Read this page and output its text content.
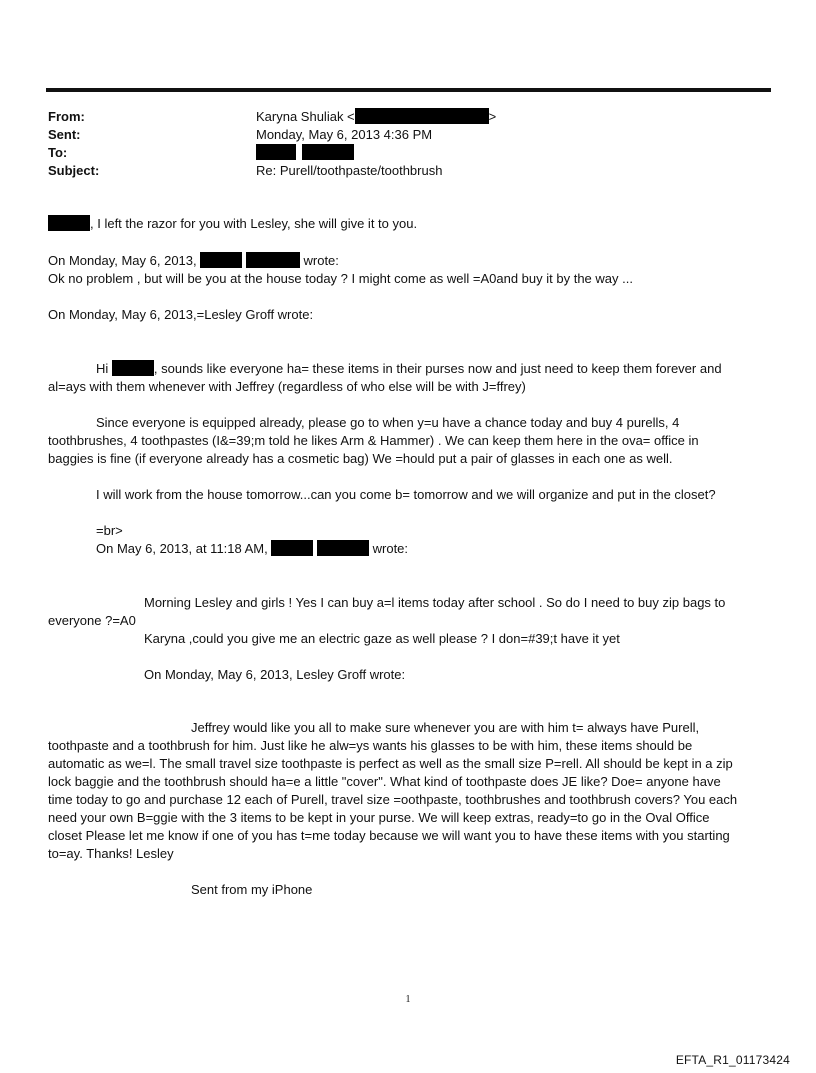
From:	Karyna Shuliak <	>
Sent:	Monday, May 6, 2013 4:36 PM
To:

Subject:	Re: Purell/toothpaste/toothbrush
, I left the razor for you with Lesley, she will give it to you.
On Monday, May 6, 2013,	wrote:
Ok no problem , but will be you at the house today ? I might come as well =A0and buy it by the way ...
On Monday, May 6, 2013,=Lesley Groff wrote:
Hi	, sounds like everyone ha= these items in their purses now and just need to keep them forever and
al=ays with them whenever with Jeffrey (regardless of who else will be with J=ffrey)
Since everyone is equipped already, please go to when y=u have a chance today and buy 4 purells, 4
toothbrushes, 4 toothpastes (I&=39;m told he likes Arm & Hammer) . We can keep them here in the ova= office in
baggies is fine (if everyone already has a cosmetic bag) We =hould put a pair of glasses in each one as well.
I will work from the house tomorrow...can you come b= tomorrow and we will organize and put in the closet?
=br>
On May 6, 2013, at 11:18 AM,	wrote:
Morning Lesley and girls ! Yes I can buy a=l items today after school . So do I need to buy zip bags to
everyone ?=A0
Karyna ,could you give me an electric gaze as well please ? I don=#39;t have it yet
On Monday, May 6, 2013, Lesley Groff wrote:
Jeffrey would like you all to make sure whenever you are with him t= always have Purell,
toothpaste and a toothbrush for him. Just like he alw=ys wants his glasses to be with him, these items should be
automatic as we=l. The small travel size toothpaste is perfect as well as the small size P=rell. All should be kept in a zip
lock baggie and the toothbrush should ha=e a little "cover". What kind of toothpaste does JE like? Doe= anyone have
time today to go and purchase 12 each of Purell, travel size =oothpaste, toothbrushes and toothbrush covers? You each
need your own B=ggie with the 3 items to be kept in your purse. We will keep extras, ready=to go in the Oval Office
closet Please let me know if one of you has t=me today because we will want you to have these items with you starting
to=ay. Thanks! Lesley
Sent from my iPhone
1
EFTA_R1_01173424
